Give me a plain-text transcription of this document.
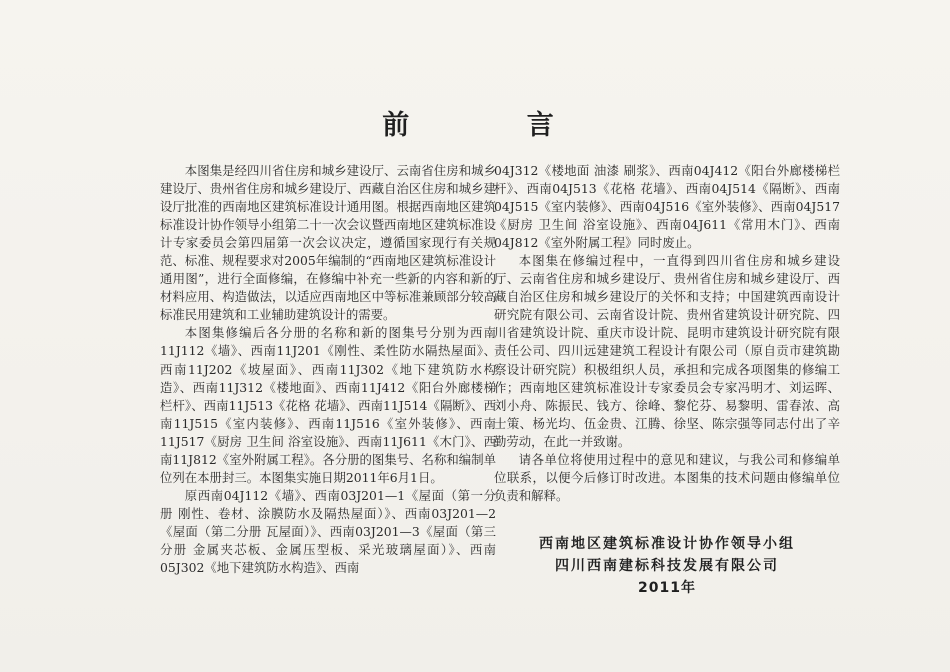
前 言

本图集是经四川省住房和城乡建设厅、云南省住房和城乡建设厅、贵州省住房和城乡建设厅、西藏自治区住房和城乡建设厅批准的西南地区建筑标准设计通用图。根据西南地区建筑标准设计协作领导小组第二十一次会议暨西南地区建筑标准设计专家委员会第四届第一次会议决定，遵循国家现行有关规范、标准、规程要求对2005年编制的“西南地区建筑标准设计通用图”，进行全面修编，在修编中补充一些新的内容和新的材料应用、构造做法，以适应西南地区中等标准兼顾部分较高标准民用建筑和工业辅助建筑设计的需要。

本图集修编后各分册的名称和新的图集号分别为西南11J112《墙》、西南11J201《刚性、柔性防水隔热屋面》、西南11J202《坡屋面》、西南11J302《地下建筑防水构造》、西南11J312《楼地面》、西南11J412《阳台外廊楼梯栏杆》、西南11J513《花格 花墙》、西南11J514《隔断》、西南11J515《室内装修》、西南11J516《室外装修》、西南11J517《厨房 卫生间 浴室设施》、西南11J611《木门》、西南11J812《室外附属工程》。各分册的图集号、名称和编制单位列在本册封三。本图集实施日期2011年6月1日。

原西南04J112《墙》、西南03J201—1《屋面（第一分册 刚性、卷材、涂膜防水及隔热屋面）》、西南03J201—2《屋面（第二分册 瓦屋面）》、西南03J201—3《屋面（第三分册 金属夹芯板、金属压型板、采光玻璃屋面）》、西南05J302《地下建筑防水构造》、西南

04J312《楼地面 油漆 刷浆》、西南04J412《阳台外廊楼梯栏杆》、西南04J513《花格 花墙》、西南04J514《隔断》、西南04J515《室内装修》、西南04J516《室外装修》、西南04J517《厨房 卫生间 浴室设施》、西南04J611《常用木门》、西南04J812《室外附属工程》同时废止。

本图集在修编过程中，一直得到四川省住房和城乡建设厅、云南省住房和城乡建设厅、贵州省住房和城乡建设厅、西藏自治区住房和城乡建设厅的关怀和支持；中国建筑西南设计研究院有限公司、云南省设计院、贵州省建筑设计研究院、四川省建筑设计院、重庆市设计院、昆明市建筑设计研究院有限责任公司、四川远建建筑工程设计有限公司（原自贡市建筑勘察设计研究院）积极组织人员，承担和完成各项图集的修编工作；西南地区建筑标准设计专家委员会专家冯明才、刘运晖、刘小舟、陈振民、钱方、徐峰、黎佗芬、易黎明、雷春浓、高士策、杨光均、伍金贵、江腾、徐坚、陈宗强等同志付出了辛勤劳动，在此一并致谢。

请各单位将使用过程中的意见和建议，与我公司和修编单位联系，以便今后修订时改进。本图集的技术问题由修编单位负责和解释。

西南地区建筑标准设计协作领导小组
四川西南建标科技发展有限公司
2011年
